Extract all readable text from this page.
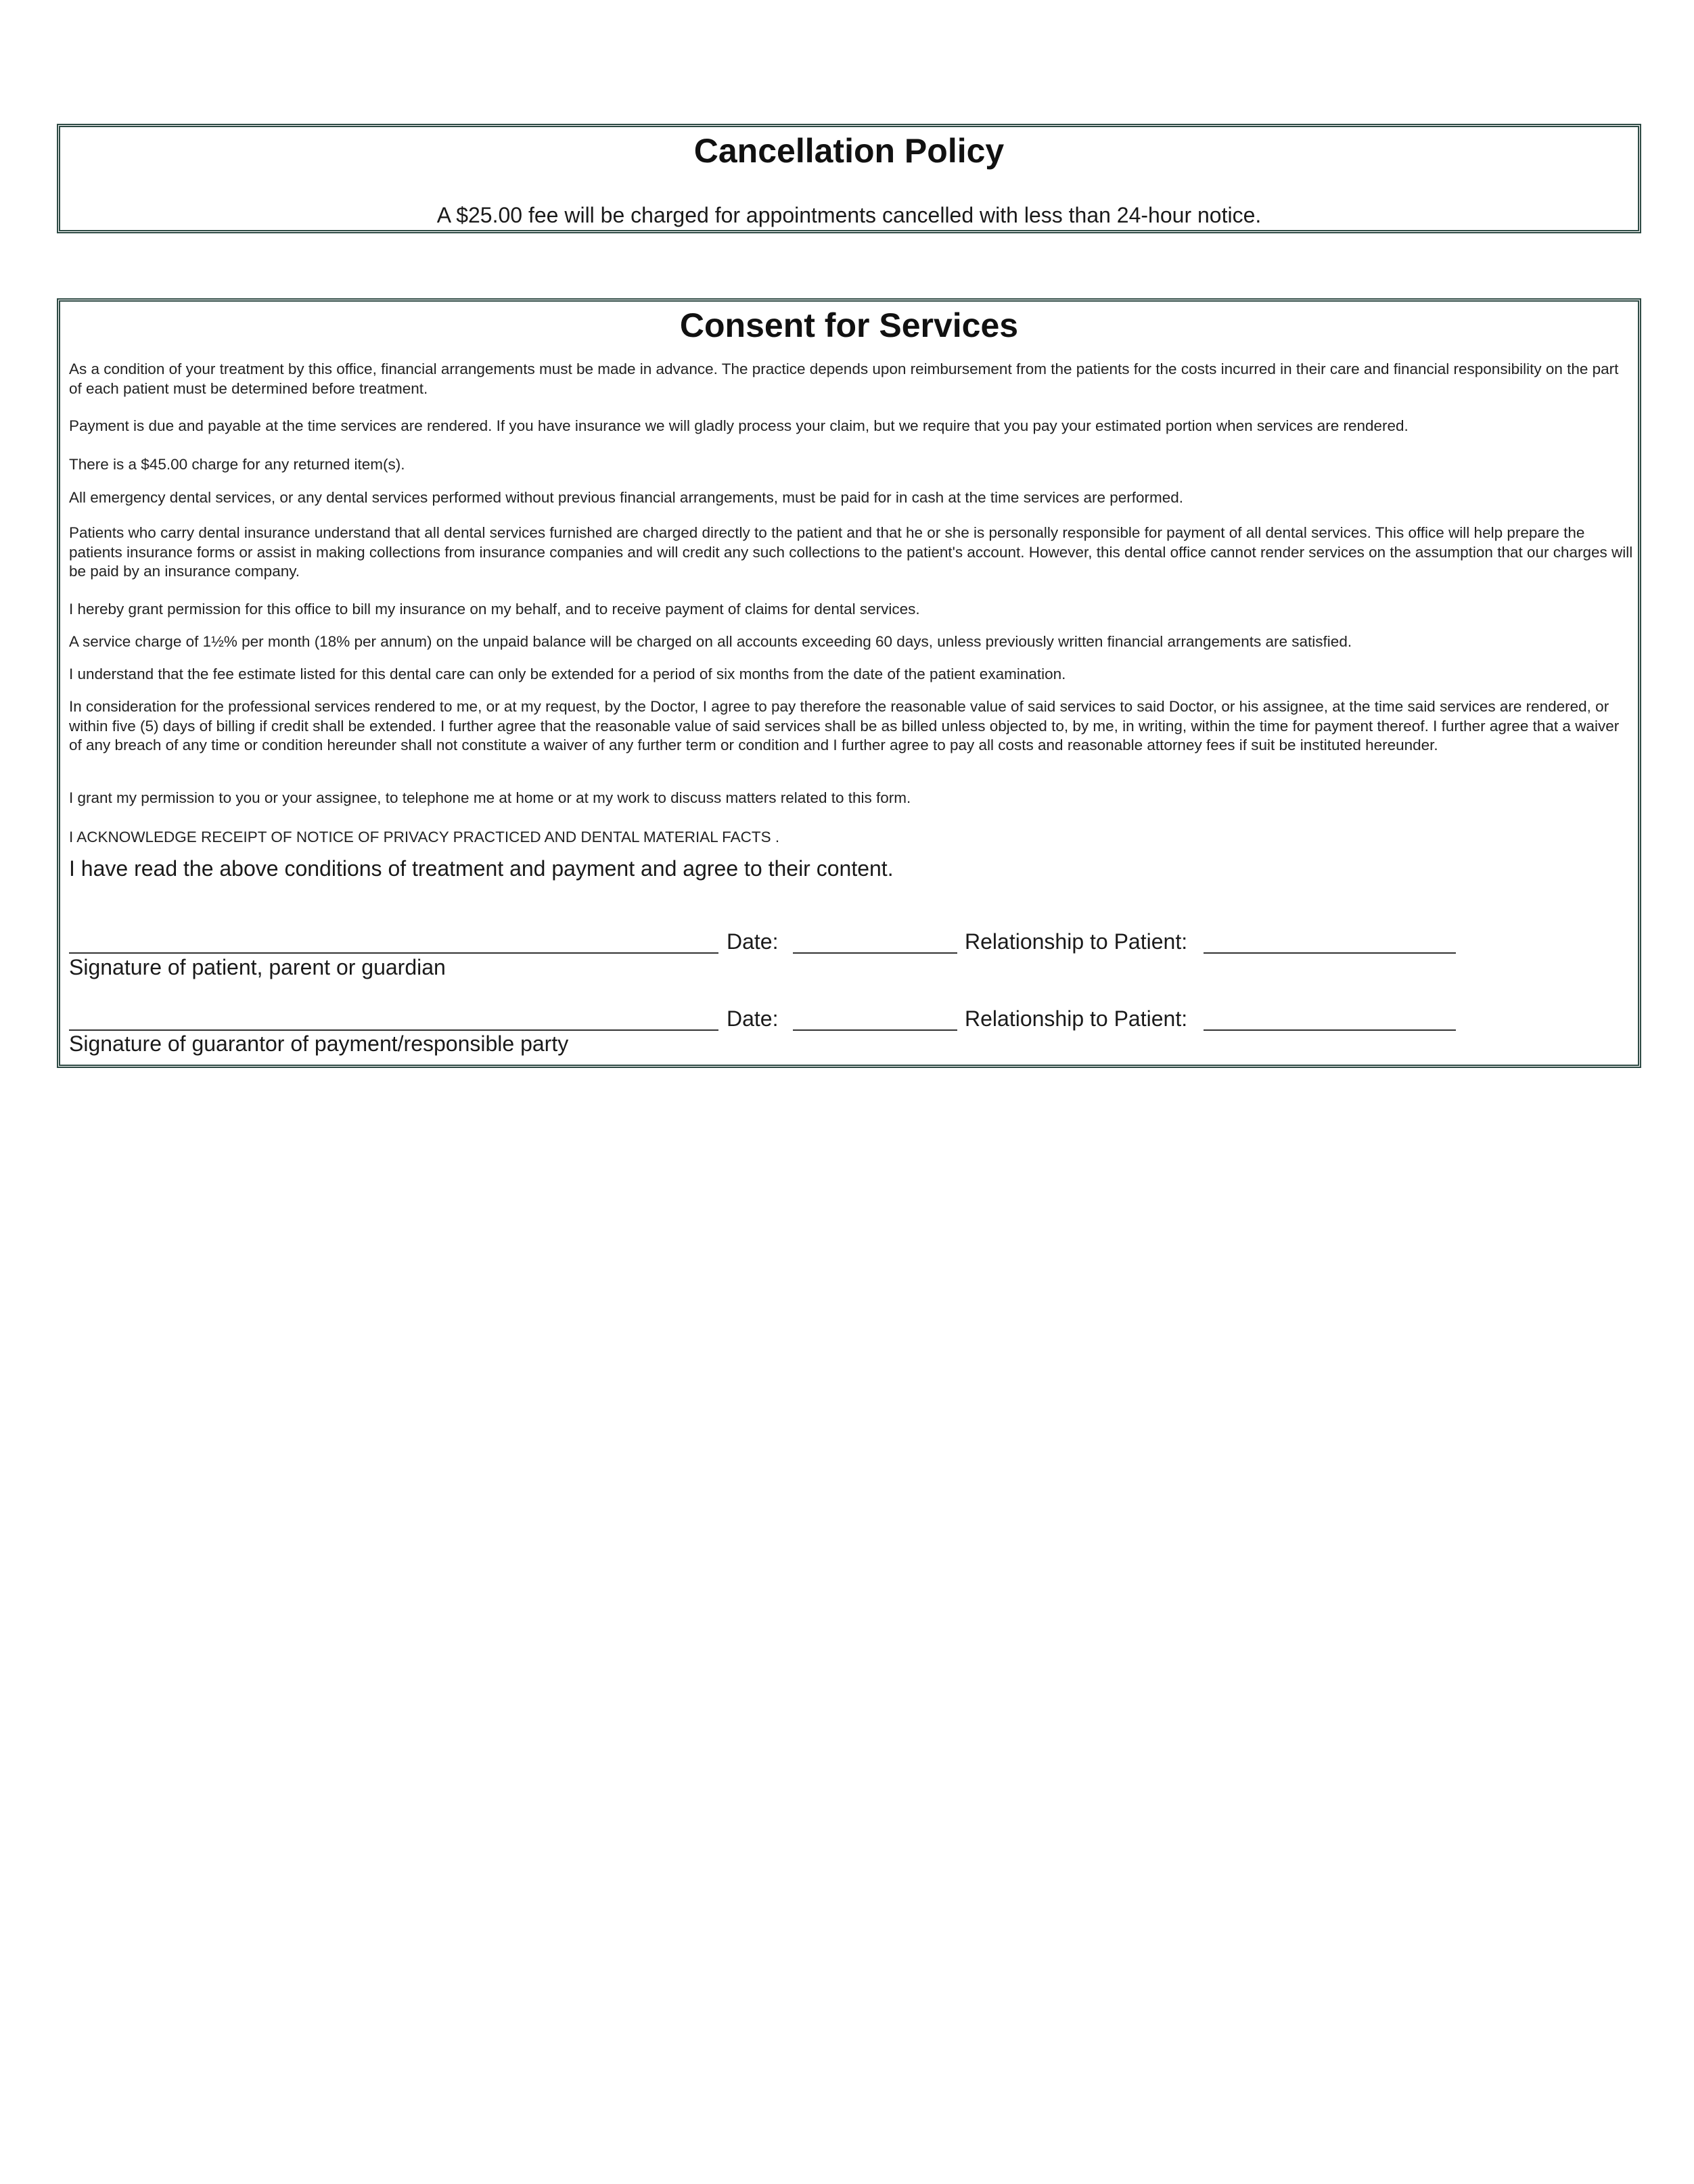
Cancellation Policy

A $25.00 fee will be charged for appointments cancelled with less than 24-hour notice.

Consent for Services

As a condition of your treatment by this office, financial arrangements must be made in advance. The practice depends upon reimbursement from the patients for the costs incurred in their care and financial responsibility on the part of each patient must be determined before treatment.

Payment is due and payable at the time services are rendered. If you have insurance we will gladly process your claim, but we require that you pay your estimated portion when services are rendered.

There is a $45.00 charge for any returned item(s).

All emergency dental services, or any dental services performed without previous financial arrangements, must be paid for in cash at the time services are performed.

Patients who carry dental insurance understand that all dental services furnished are charged directly to the patient and that he or she is personally responsible for payment of all dental services. This office will help prepare the patients insurance forms or assist in making collections from insurance companies and will credit any such collections to the patient's account. However, this dental office cannot render services on the assumption that our charges will be paid by an insurance company.

I hereby grant permission for this office to bill my insurance on my behalf, and to receive payment of claims for dental services.

A service charge of 1½% per month (18% per annum) on the unpaid balance will be charged on all accounts exceeding 60 days, unless previously written financial arrangements are satisfied.

I understand that the fee estimate listed for this dental care can only be extended for a period of six months from the date of the patient examination.

In consideration for the professional services rendered to me, or at my request, by the Doctor, I agree to pay therefore the reasonable value of said services to said Doctor, or his assignee, at the time said services are rendered, or within five (5) days of billing if credit shall be extended. I further agree that the reasonable value of said services shall be as billed unless objected to, by me, in writing, within the time for payment thereof. I further agree that a waiver of any breach of any time or condition hereunder shall not constitute a waiver of any further term or condition and I further agree to pay all costs and reasonable attorney fees if suit be instituted hereunder.

I grant my permission to you or your assignee, to telephone me at home or at my work to discuss matters related to this form.

I ACKNOWLEDGE RECEIPT OF NOTICE OF PRIVACY PRACTICED AND DENTAL MATERIAL FACTS .

I have read the above conditions of treatment and payment and agree to their content.

Date:	Relationship to Patient:
Signature of patient, parent or guardian
Date:	Relationship to Patient:
Signature of guarantor of payment/responsible party
